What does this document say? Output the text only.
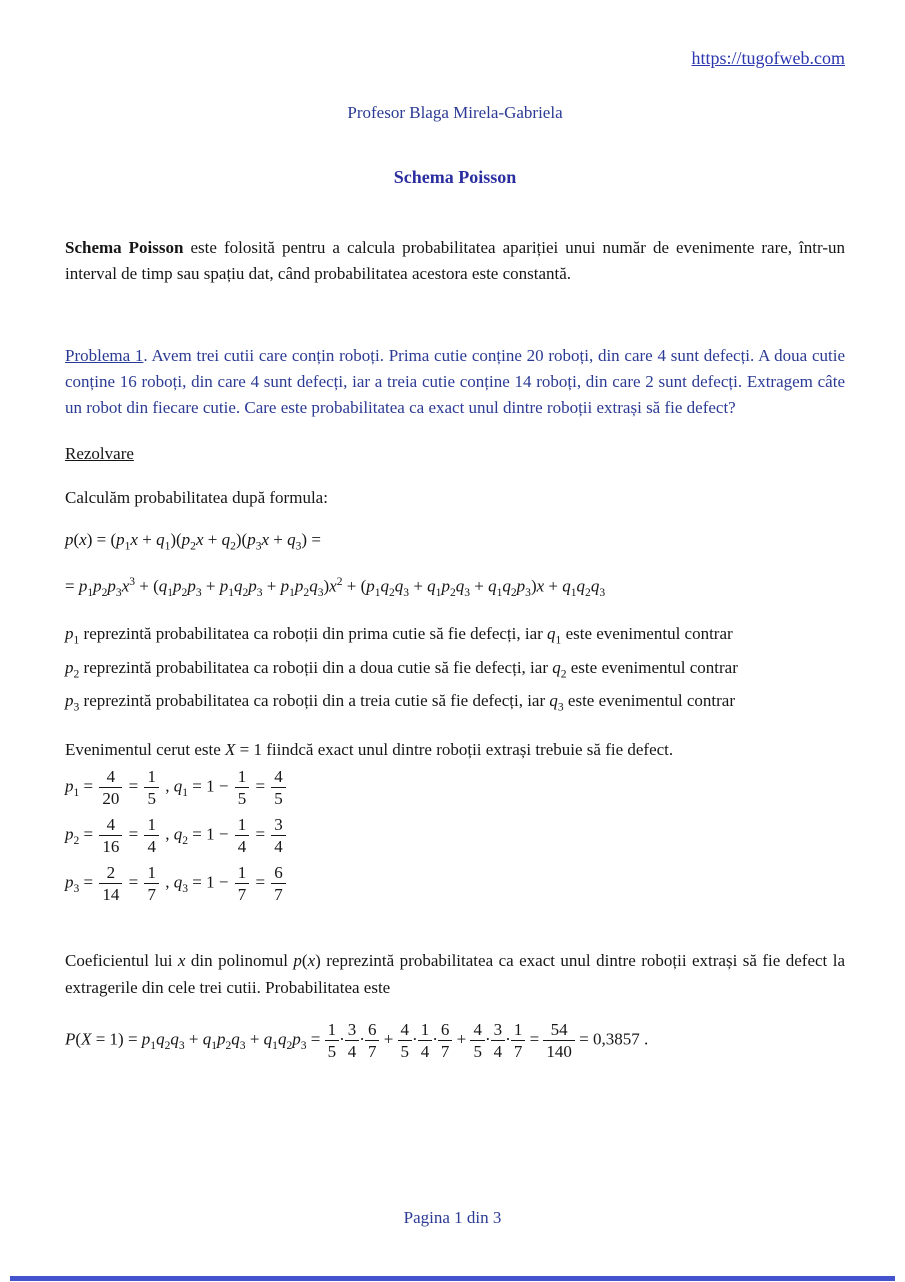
https://tugofweb.com
Profesor Blaga Mirela-Gabriela
Schema Poisson

Schema Poisson este folosită pentru a calcula probabilitatea apariției unui număr de evenimente rare, într-un interval de timp sau spațiu dat, când probabilitatea acestora este constantă.

Problema 1. Avem trei cutii care conțin roboți. Prima cutie conține 20 roboți, din care 4 sunt defecți. A doua cutie conține 16 roboți, din care 4 sunt defecți, iar a treia cutie conține 14 roboți, din care 2 sunt defecți. Extragem câte un robot din fiecare cutie. Care este probabilitatea ca exact unul dintre roboții extrași să fie defect?

Rezolvare

Calculăm probabilitatea după formula:

$p(x) = (p_1x + q_1)(p_2x + q_2)(p_3x + q_3)$ =
= $p_1p_2p_3x^3 + (q_1p_2p_3 + p_1q_2p_3 + p_1p_2q_3)x^2 + (p_1q_2q_3 + q_1p_2q_3 + q_1q_2p_3)x + q_1q_2q_3$

$p_1$ reprezintă probabilitatea ca roboții din prima cutie să fie defecți, iar $q_1$ este evenimentul contrar

$p_2$ reprezintă probabilitatea ca roboții din a doua cutie să fie defecți, iar $q_2$ este evenimentul contrar

$p_3$ reprezintă probabilitatea ca roboții din a treia cutie să fie defecți, iar $q_3$ este evenimentul contrar

Evenimentul cerut este X = 1 fiindcă exact unul dintre roboții extrași trebuie să fie defect.

$p_1 = \frac{4}{20} = \frac{1}{5}$ , $q_1 = 1 - \frac{1}{5} = \frac{4}{5}$
$p_2 = \frac{4}{16} = \frac{1}{4}$ , $q_2 = 1 - \frac{1}{4} = \frac{3}{4}$
$p_3 = \frac{2}{14} = \frac{1}{7}$ , $q_3 = 1 - \frac{1}{7} = \frac{6}{7}$

Coeficientul lui x din polinomul p(x) reprezintă probabilitatea ca exact unul dintre roboții extrași să fie defect la extragerile din cele trei cutii. Probabilitatea este

$P(X = 1) = p_1q_2q_3 + q_1p_2q_3 + q_1q_2p_3 = \frac{1}{5} \cdot \frac{3}{4} \cdot \frac{6}{7} + \frac{4}{5} \cdot \frac{1}{4} \cdot \frac{6}{7} + \frac{4}{5} \cdot \frac{3}{4} \cdot \frac{1}{7} = \frac{54}{140} = 0,3857$ .
Pagina 1 din 3
